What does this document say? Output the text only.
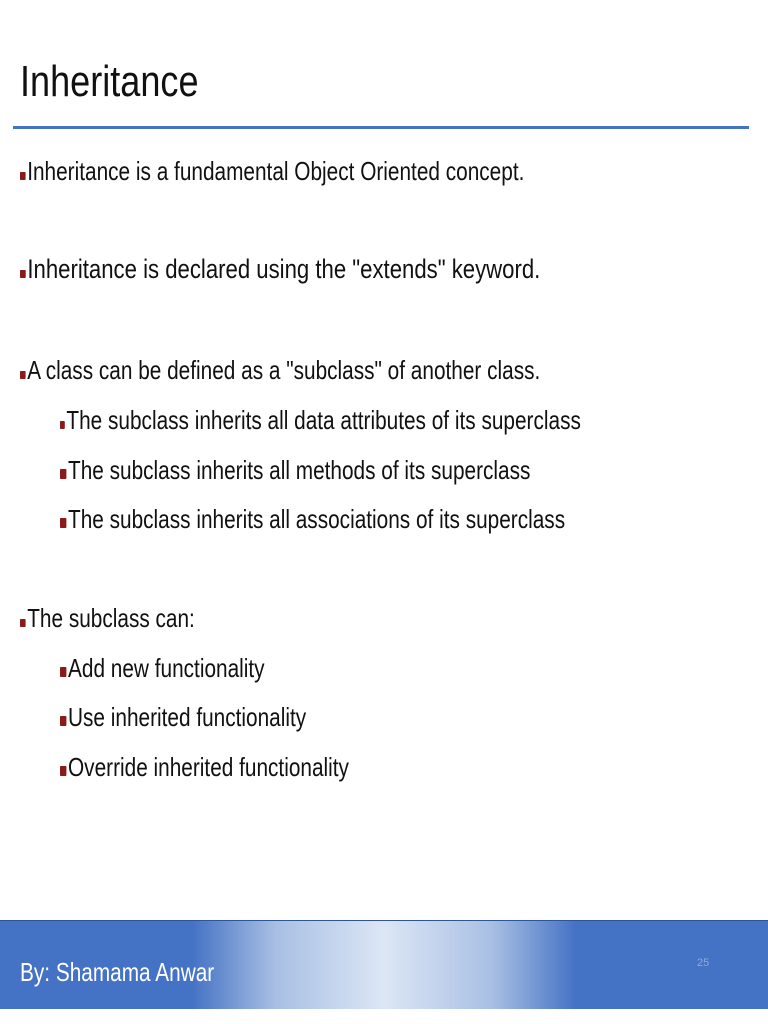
Inheritance
Inheritance is a fundamental Object Oriented concept.
Inheritance is declared using the "extends" keyword.
A class can be defined as a "subclass" of another class.
The subclass inherits all data attributes of its superclass
The subclass inherits all methods of its superclass
The subclass inherits all associations of its superclass
The subclass can:
Add new functionality
Use inherited functionality
Override inherited functionality
By: Shamama Anwar	25
